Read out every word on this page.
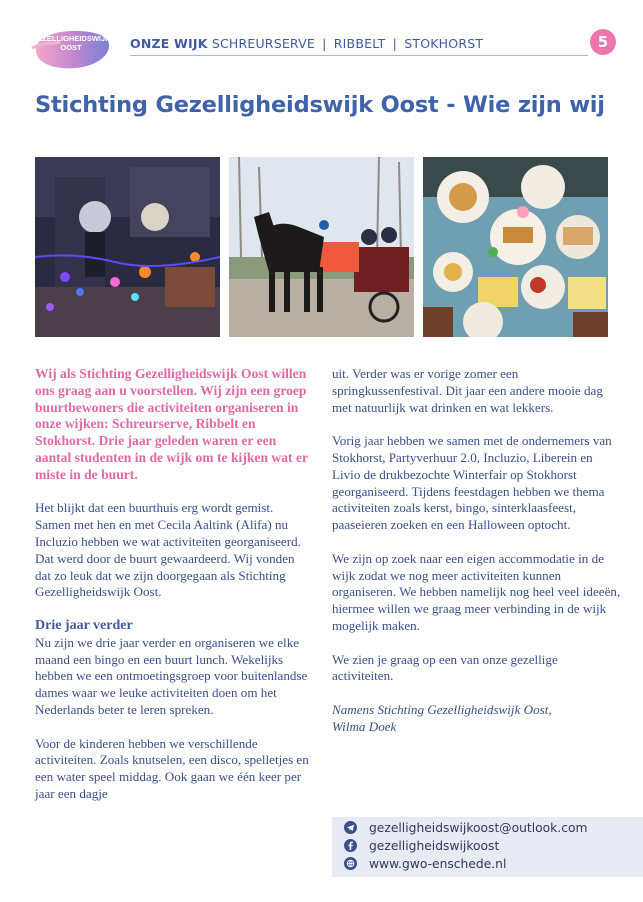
GEZELLIGHEIDSWIJK OOST	ONZE WIJK SCHREURSERVE | RIBBELT | STOKHORST	5
Stichting Gezelligheidswijk Oost - Wie zijn wij

Wij als Stichting Gezelligheidswijk Oost willen ons graag aan u voorstellen. Wij zijn een groep buurtbewoners die activiteiten organiseren in onze wijken: Schreurserve, Ribbelt en Stokhorst. Drie jaar geleden waren er een aantal studenten in de wijk om te kijken wat er miste in de buurt.

Het blijkt dat een buurthuis erg wordt gemist. Samen met hen en met Cecila Aaltink (Alifa) nu Incluzio hebben we wat activiteiten georganiseerd. Dat werd door de buurt gewaardeerd. Wij vonden dat zo leuk dat we zijn doorgegaan als Stichting Gezelligheidswijk Oost.

Drie jaar verder

Nu zijn we drie jaar verder en organiseren we elke maand een bingo en een buurt lunch. Wekelijks hebben we een ontmoetingsgroep voor buitenlandse dames waar we leuke activiteiten doen om het Nederlands beter te leren spreken.

Voor de kinderen hebben we verschillende activiteiten. Zoals knutselen, een disco, spelletjes en een water speel middag. Ook gaan we één keer per jaar een dagje

uit. Verder was er vorige zomer een springkussenfestival. Dit jaar een andere mooie dag met natuurlijk wat drinken en wat lekkers.

Vorig jaar hebben we samen met de ondernemers van Stokhorst, Partyverhuur 2.0, Incluzio, Liberein en Livio de drukbezochte Winterfair op Stokhorst georganiseerd. Tijdens feestdagen hebben we thema activiteiten zoals kerst, bingo, sinterklaasfeest, paaseieren zoeken en een Halloween optocht.

We zijn op zoek naar een eigen accommodatie in de wijk zodat we nog meer activiteiten kunnen organiseren. We hebben namelijk nog heel veel ideeën, hiermee willen we graag meer verbinding in de wijk mogelijk maken.

We zien je graag op een van onze gezellige activiteiten.

Namens Stichting Gezelligheidswijk Oost,

Wilma Doek

gezelligheidswijkoost@outlook.com
gezelligheidswijkoost
www.gwo-enschede.nl
